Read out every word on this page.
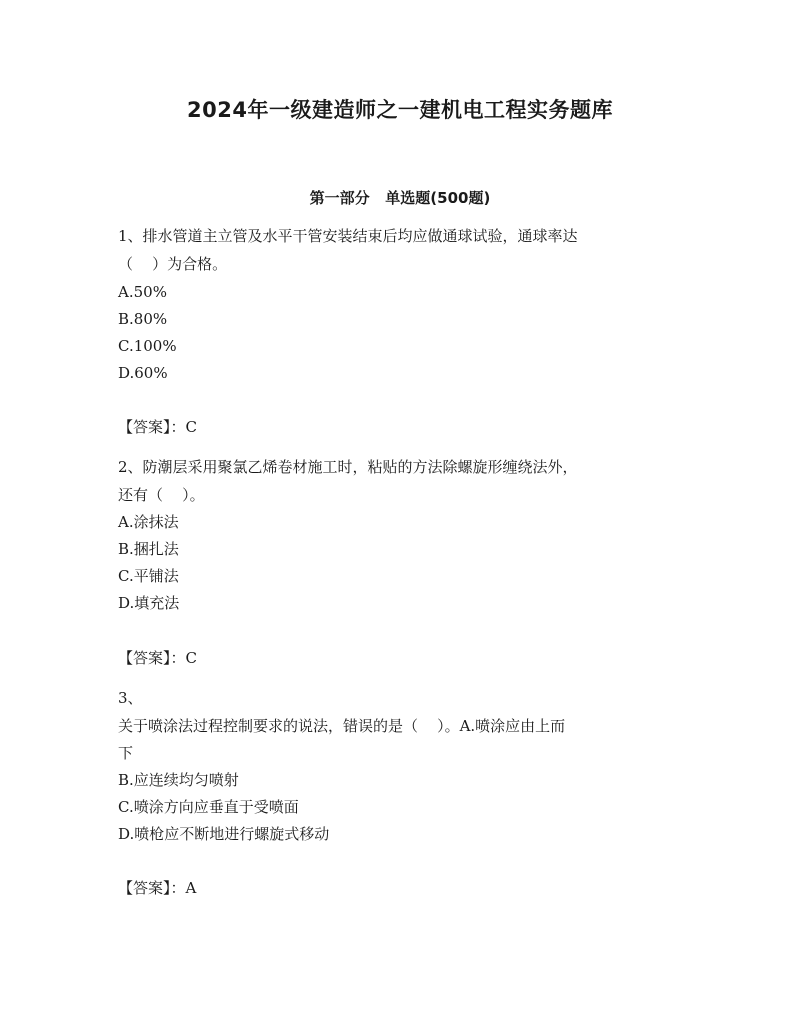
2024年一级建造师之一建机电工程实务题库
第一部分   单选题(500题)
1、排水管道主立管及水平干管安装结束后均应做通球试验，通球率达
（    ）为合格。
A.50%
B.80%
C.100%
D.60%
【答案】：C
2、防潮层采用聚氯乙烯卷材施工时，粘贴的方法除螺旋形缠绕法外，
还有（    ）。
A.涂抹法
B.捆扎法
C.平铺法
D.填充法
【答案】：C
3、
关于喷涂法过程控制要求的说法，错误的是（    ）。A.喷涂应由上而
下
B.应连续均匀喷射
C.喷涂方向应垂直于受喷面
D.喷枪应不断地进行螺旋式移动
【答案】：A
